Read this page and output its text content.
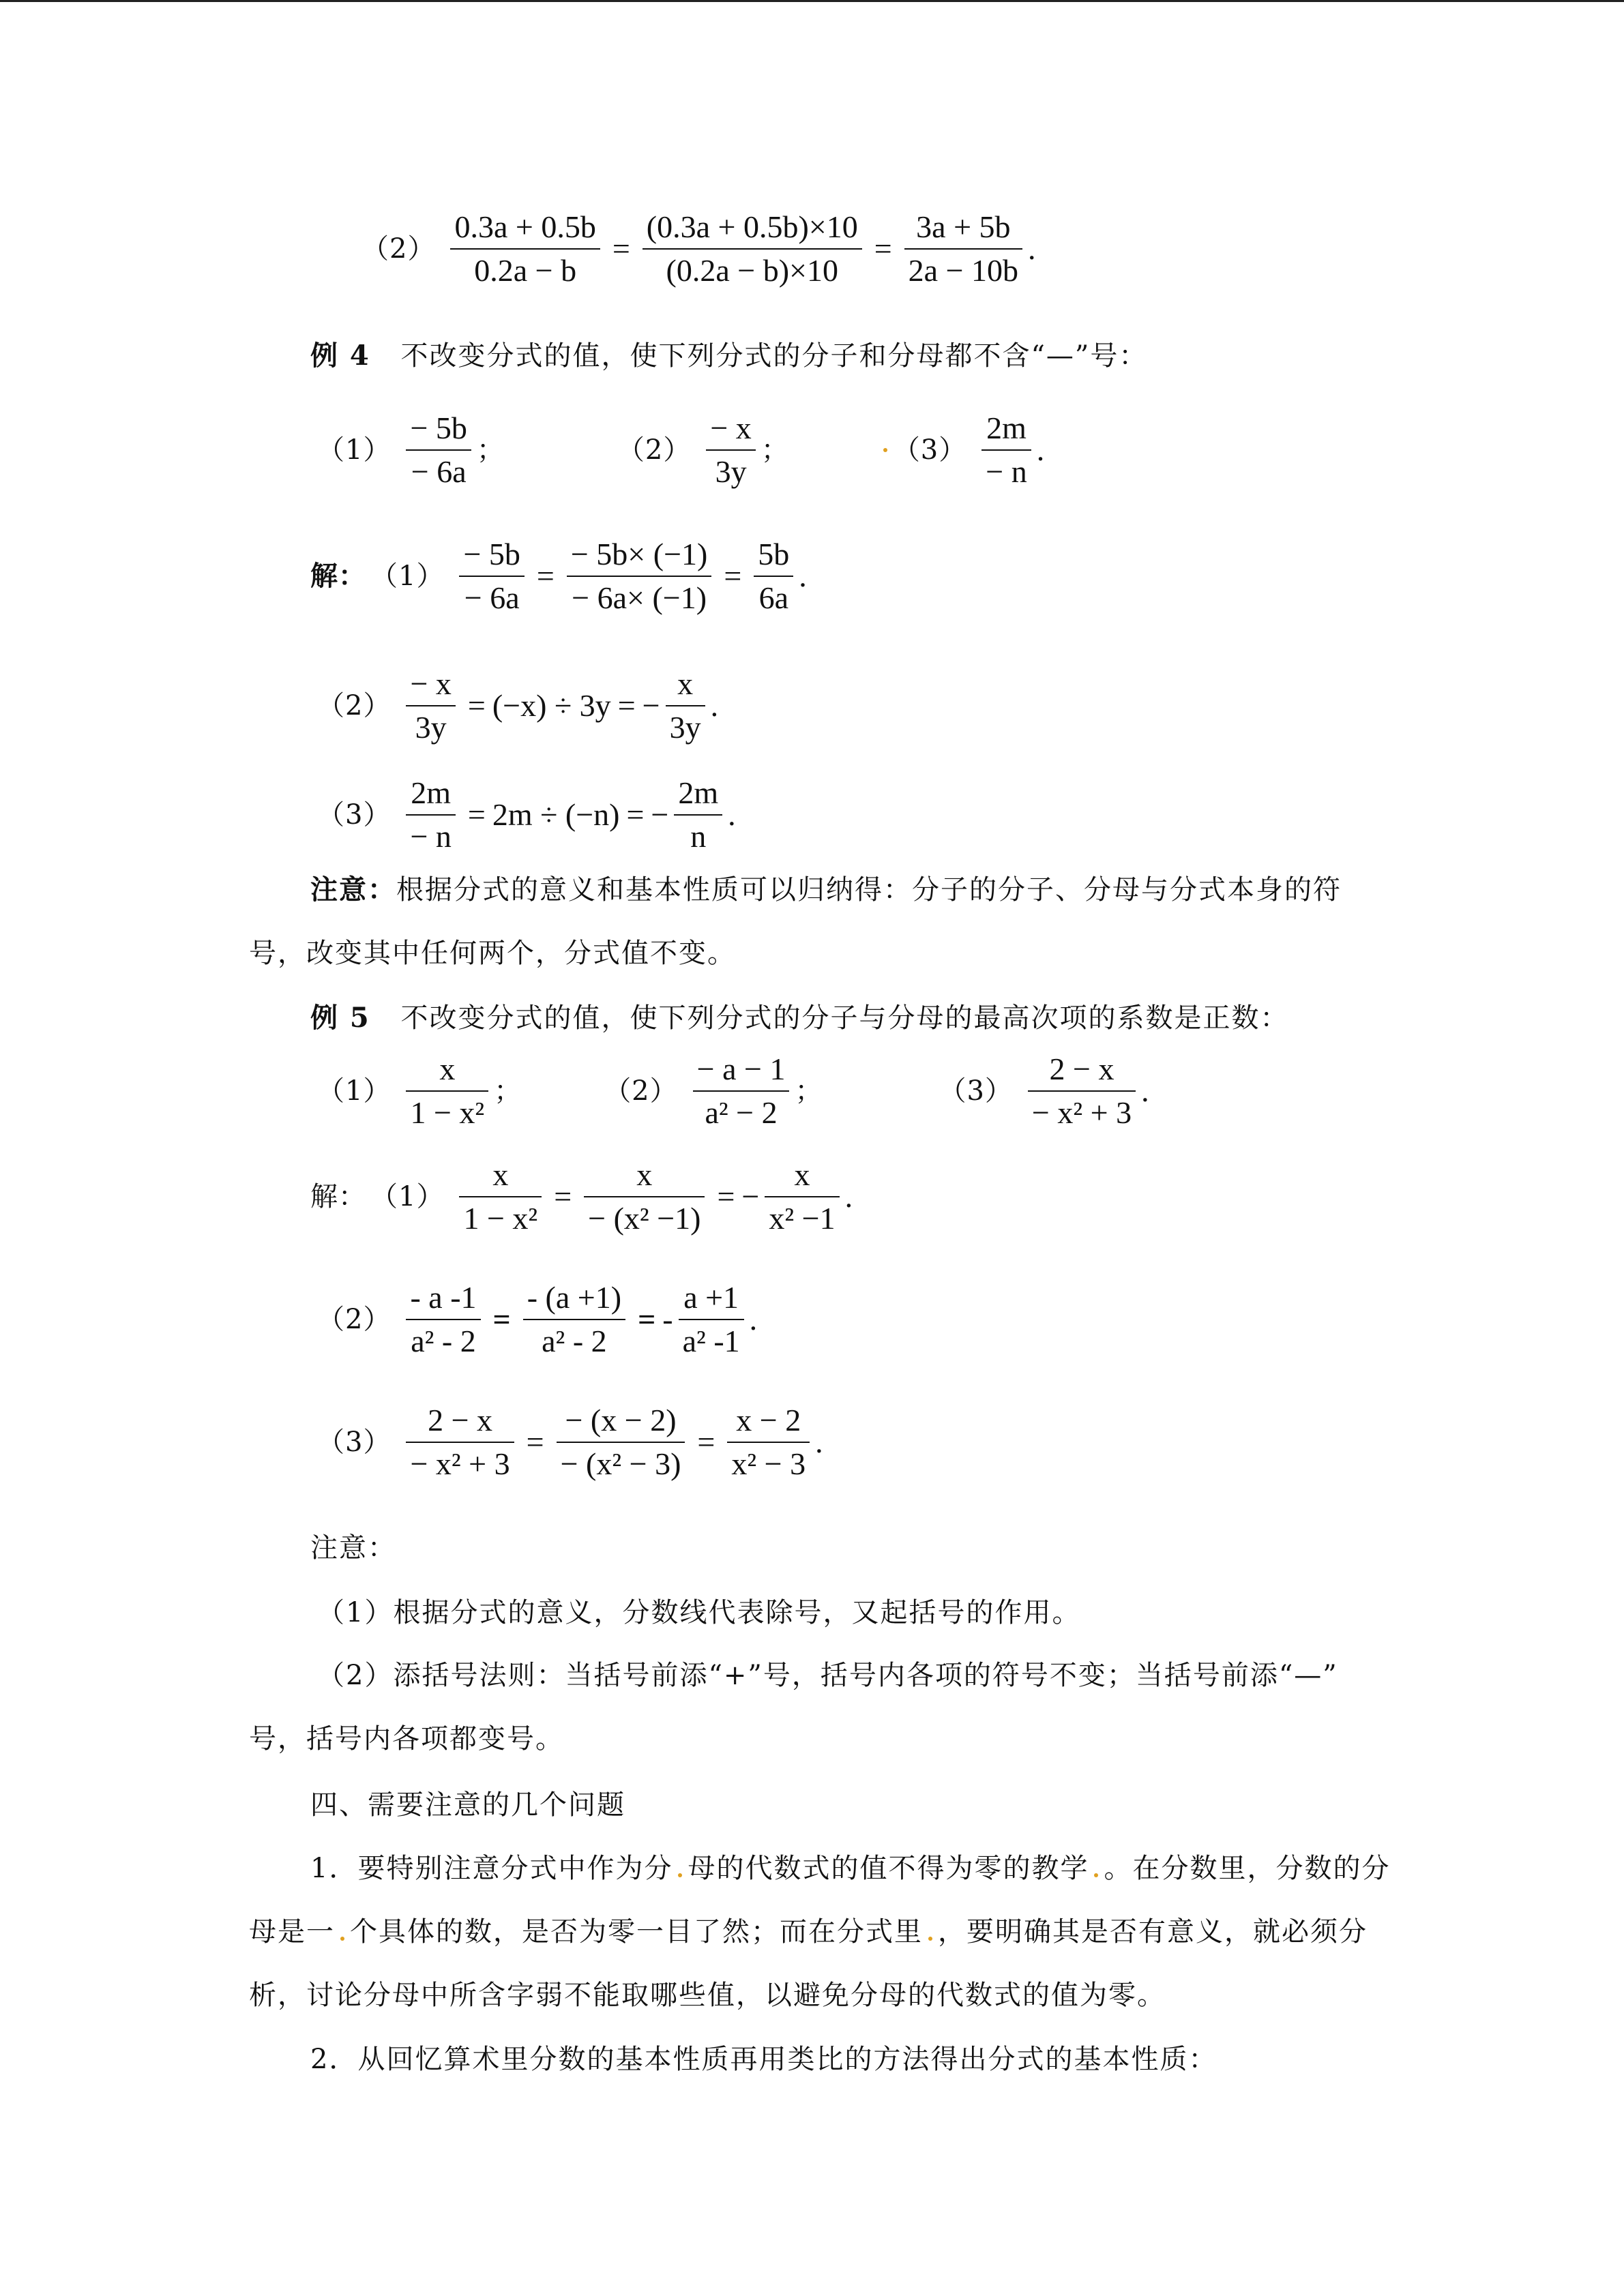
$(2) \frac{0.3a + 0.5b}{0.2a - b} = \frac{(0.3a + 0.5b)\times 10}{(0.2a - b)\times 10} = \frac{3a + 5b}{2a - 10b}$ .
例 4 不改变分式的值，使下列分式的分子和分母都不含“—”号：
$(1) \frac{- 5b}{- 6a}$ ；	$(2) \frac{- x}{3y}$ ；	$(3) \frac{2m}{- n}$ .
解： $(1) \frac{- 5b}{- 6a} = \frac{- 5b\times (-1)}{- 6a\times (-1)} = \frac{5b}{6a}$ .
$(2) \frac{- x}{3y} = (-x) \div 3y$ = − $\frac{x}{3y}$ .
$(3) \frac{2m}{- n} = 2m \div (-n)$ = − $\frac{2m}{n}$ .
注意：根据分式的意义和基本性质可以归纳得：分子的分子、分母与分式本身的符
号，改变其中任何两个，分式值不变。
例 5 不改变分式的值，使下列分式的分子与分母的最高次项的系数是正数：
$(1) \frac{x}{\text{1 − x²}}$ ；	$(2) \frac{- a - 1}{\text{a² − 2}}$ ；	$(3) \frac{2 - x}{\text{− x² + 3}}$ .
解： $(1) \frac{x}{\text{1 − x²}} = \frac{x}{\text{− (x² −1)}}$ = − $\frac{x}{\text{x² −1}}$ .
$(2) \frac{- a -1}{\text{a² - 2}} = \frac{- (a +1)}{\text{a² - 2}}$ = - $\frac{a +1}{\text{a² -1}}$ .
$(3) \frac{2 - x}{\text{− x² + 3}} = \frac{- (x - 2)}{\text{− (x² − 3)}} = \frac{x - 2}{\text{x² − 3}}$ .
注意：
（1）根据分式的意义，分数线代表除号，又起括号的作用。
（2）添括号法则：当括号前添“+”号，括号内各项的符号不变；当括号前添“—”
号，括号内各项都变号。
四、需要注意的几个问题
1．要特别注意分式中作为分 母的代数式的值不得为零的教学 。在分数里，分数的分
母是一 个具体的数，是否为零一目了然；而在分式里 ，要明确其是否有意义，就必须分
析，讨论分母中所含字弱不能取哪些值，以避免分母的代数式的值为零。
2．从回忆算术里分数的基本性质再用类比的方法得出分式的基本性质：
